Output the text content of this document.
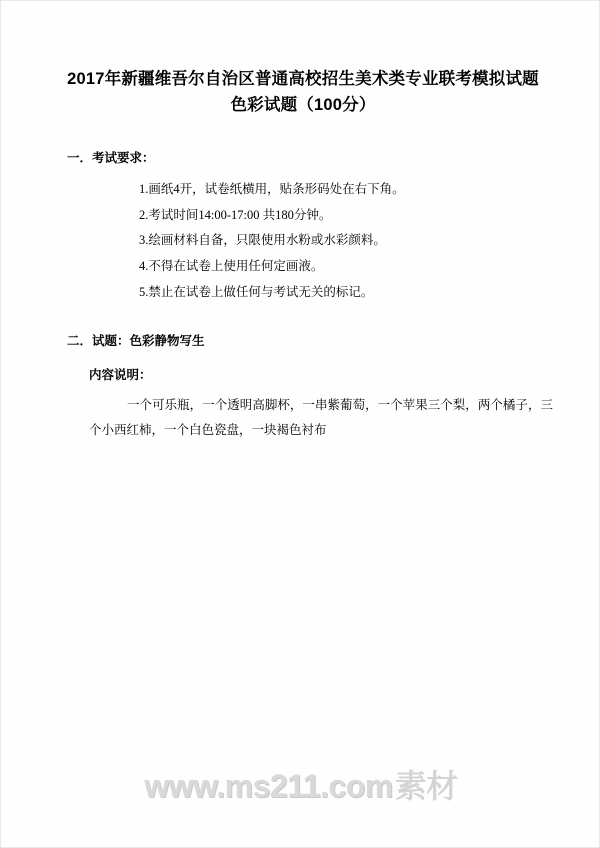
2017年新疆维吾尔自治区普通高校招生美术类专业联考模拟试题
色彩试题（100分）
一．考试要求：
1.画纸4开，试卷纸横用，贴条形码处在右下角。
2.考试时间14:00-17:00 共180分钟。
3.绘画材料自备，只限使用水粉或水彩颜料。
4.不得在试卷上使用任何定画液。
5.禁止在试卷上做任何与考试无关的标记。
二．试题：色彩静物写生
内容说明：
一个可乐瓶，一个透明高脚杯，一串紫葡萄，一个苹果三个梨，两个橘子，三个小西红柿，一个白色瓷盘，一块褐色衬布
www.ms211.com素材
